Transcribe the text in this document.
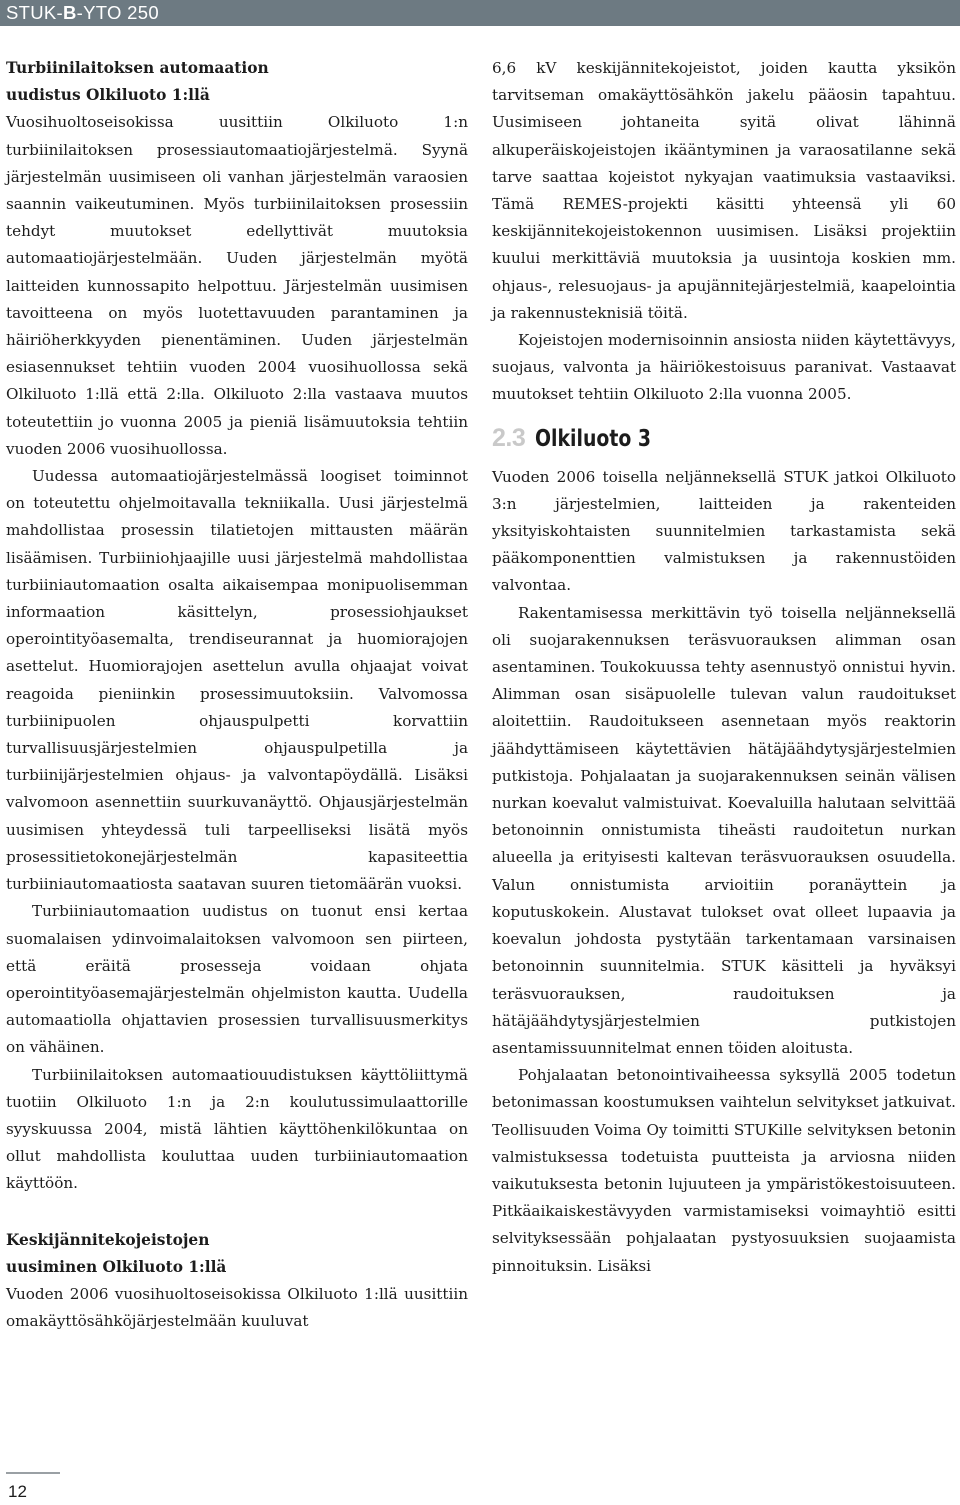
STUK-B-YTO 250
Turbiinilaitoksen automaation
uudistus Olkiluoto 1:llä

Vuosihuoltoseisokissa uusittiin Olkiluoto 1:n turbiinilaitoksen prosessiautomaatiojärjestelmä. Syynä järjestelmän uusimiseen oli vanhan järjestelmän varaosien saannin vaikeutuminen. Myös turbiinilaitoksen prosessiin tehdyt muutokset edellyttivät muutoksia automaatiojärjestelmään. Uuden järjestelmän myötä laitteiden kunnossapito helpottuu. Järjestelmän uusimisen tavoitteena on myös luotettavuuden parantaminen ja häiriöherkkyyden pienentäminen. Uuden järjestelmän esiasennukset tehtiin vuoden 2004 vuosihuollossa sekä Olkiluoto 1:llä että 2:lla. Olkiluoto 2:lla vastaava muutos toteutettiin jo vuonna 2005 ja pieniä lisämuutoksia tehtiin vuoden 2006 vuosihuollossa.

Uudessa automaatiojärjestelmässä loogiset toiminnot on toteutettu ohjelmoitavalla tekniikalla. Uusi järjestelmä mahdollistaa prosessin tilatietojen mittausten määrän lisäämisen. Turbiiniohjaajille uusi järjestelmä mahdollistaa turbiiniautomaation osalta aikaisempaa monipuolisemman informaation käsittelyn, prosessiohjaukset operointityöasemalta, trendiseurannat ja huomiorajojen asettelut. Huomiorajojen asettelun avulla ohjaajat voivat reagoida pieniinkin prosessimuutoksiin. Valvomossa turbiinipuolen ohjauspulpetti korvattiin turvallisuusjärjestelmien ohjauspulpetilla ja turbiinijärjestelmien ohjaus- ja valvontapöydällä. Lisäksi valvomoon asennettiin suurkuvanäyttö. Ohjausjärjestelmän uusimisen yhteydessä tuli tarpeelliseksi lisätä myös prosessitietokonejärjestelmän kapasiteettia turbiiniautomaatiosta saatavan suuren tietomäärän vuoksi.

Turbiiniautomaation uudistus on tuonut ensi kertaa suomalaisen ydinvoimalaitoksen valvomoon sen piirteen, että eräitä prosesseja voidaan ohjata operointityöasemajärjestelmän ohjelmiston kautta. Uudella automaatiolla ohjattavien prosessien turvallisuusmerkitys on vähäinen.

Turbiinilaitoksen automaatiouudistuksen käyttöliittymä tuotiin Olkiluoto 1:n ja 2:n koulutussimulaattorille syyskuussa 2004, mistä lähtien käyttöhenkilökuntaa on ollut mahdollista kouluttaa uuden turbiiniautomaation käyttöön.

Keskijännitekojeistojen
uusiminen Olkiluoto 1:llä

Vuoden 2006 vuosihuoltoseisokissa Olkiluoto 1:llä uusittiin omakäyttösähköjärjestelmään kuuluvat

6,6 kV keskijännitekojeistot, joiden kautta yksikön tarvitseman omakäyttösähkön jakelu pääosin tapahtuu. Uusimiseen johtaneita syitä olivat lähinnä alkuperäiskojeistojen ikääntyminen ja varaosatilanne sekä tarve saattaa kojeistot nykyajan vaatimuksia vastaaviksi. Tämä REMES-projekti käsitti yhteensä yli 60 keskijännitekojeistokennon uusimisen. Lisäksi projektiin kuului merkittäviä muutoksia ja uusintoja koskien mm. ohjaus-, relesuojaus- ja apujännitejärjestelmiä, kaapelointia ja rakennusteknisiä töitä.

Kojeistojen modernisoinnin ansiosta niiden käytettävyys, suojaus, valvonta ja häiriökestoisuus paranivat. Vastaavat muutokset tehtiin Olkiluoto 2:lla vuonna 2005.

2.3 Olkiluoto 3

Vuoden 2006 toisella neljänneksellä STUK jatkoi Olkiluoto 3:n järjestelmien, laitteiden ja rakenteiden yksityiskohtaisten suunnitelmien tarkastamista sekä pääkomponenttien valmistuksen ja rakennustöiden valvontaa.

Rakentamisessa merkittävin työ toisella neljänneksellä oli suojarakennuksen teräsvuorauksen alimman osan asentaminen. Toukokuussa tehty asennustyö onnistui hyvin. Alimman osan sisäpuolelle tulevan valun raudoitukset aloitettiin. Raudoitukseen asennetaan myös reaktorin jäähdyttämiseen käytettävien hätäjäähdytysjärjestelmien putkistoja. Pohjalaatan ja suojarakennuksen seinän välisen nurkan koevalut valmistuivat. Koevaluilla halutaan selvittää betonoinnin onnistumista tiheästi raudoitetun nurkan alueella ja erityisesti kaltevan teräsvuorauksen osuudella. Valun onnistumista arvioitiin poranäyttein ja koputuskokein. Alustavat tulokset ovat olleet lupaavia ja koevalun johdosta pystytään tarkentamaan varsinaisen betonoinnin suunnitelmia. STUK käsitteli ja hyväksyi teräsvuorauksen, raudoituksen ja hätäjäähdytysjärjestelmien putkistojen asentamissuunnitelmat ennen töiden aloitusta.

Pohjalaatan betonointivaiheessa syksyllä 2005 todetun betonimassan koostumuksen vaihtelun selvitykset jatkuivat. Teollisuuden Voima Oy toimitti STUKille selvityksen betonin valmistuksessa todetuista puutteista ja arviosna niiden vaikutuksesta betonin lujuuteen ja ympäristökestoisuuteen. Pitkäaikaiskestävyyden varmistamiseksi voimayhtiö esitti selvityksessään pohjalaatan pystyosuuksien suojaamista pinnoituksin. Lisäksi

12
